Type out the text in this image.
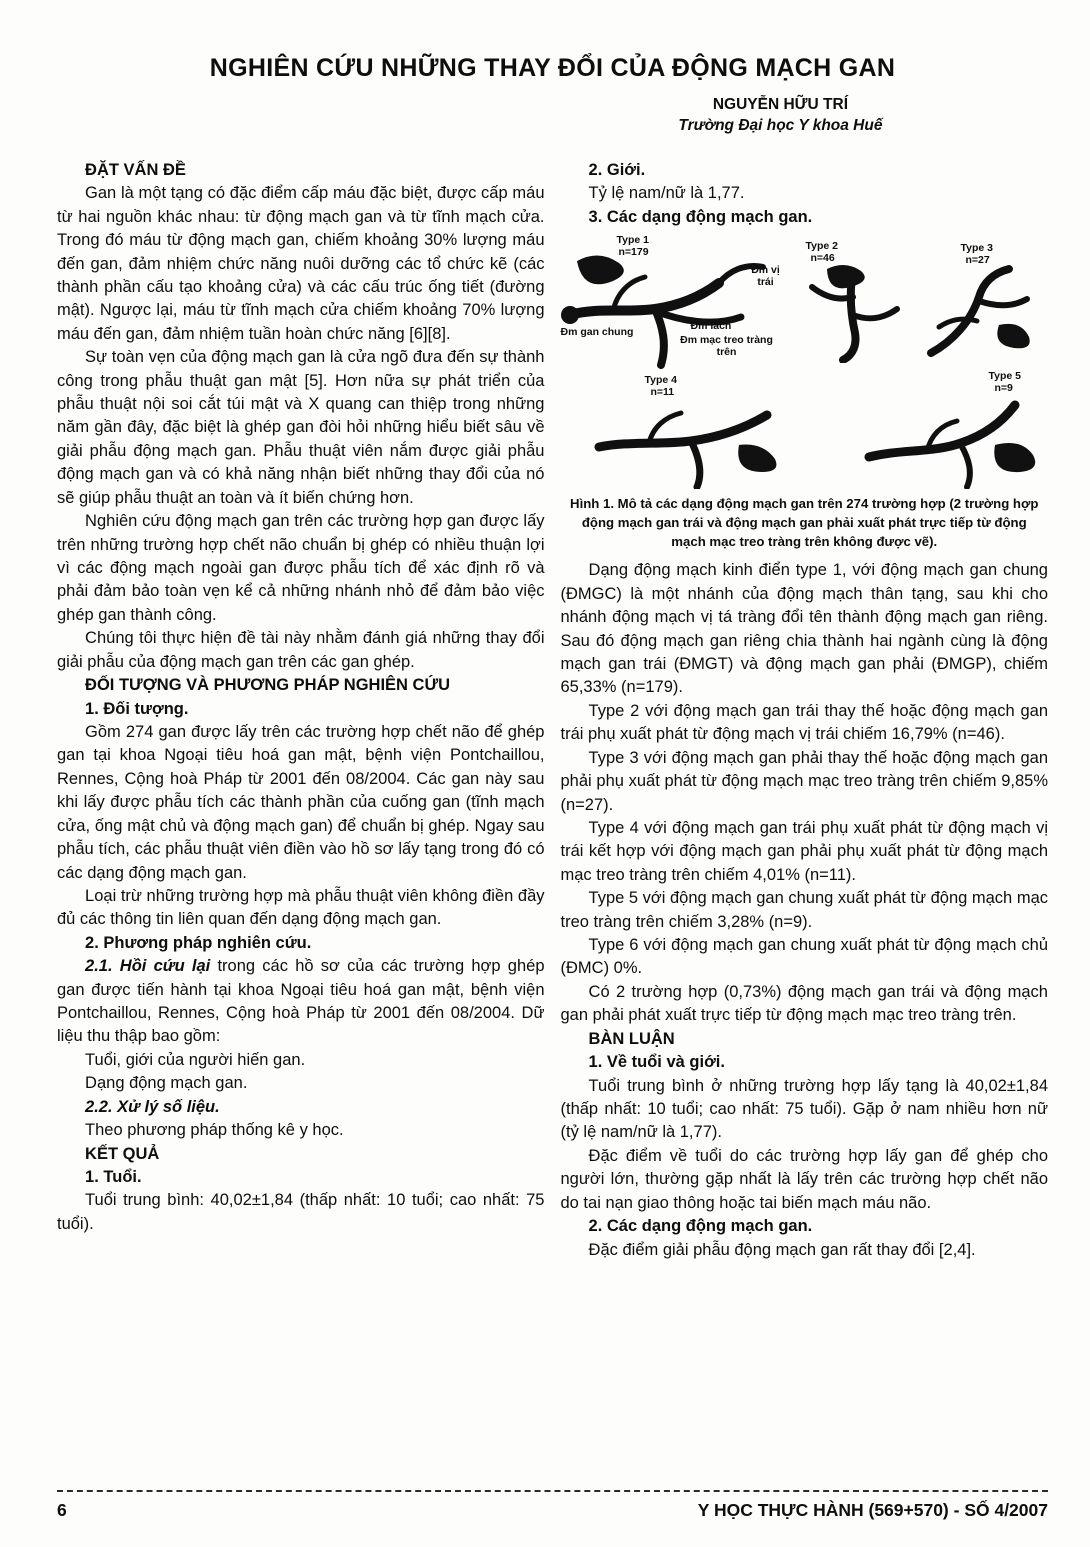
NGHIÊN CỨU NHỮNG THAY ĐỔI CỦA ĐỘNG MẠCH GAN
NGUYỄN HỮU TRÍ
Trường Đại học Y khoa Huế
ĐẶT VẤN ĐỀ

Gan là một tạng có đặc điểm cấp máu đặc biệt, được cấp máu từ hai nguồn khác nhau: từ động mạch gan và từ tĩnh mạch cửa. Trong đó máu từ động mạch gan, chiếm khoảng 30% lượng máu đến gan, đảm nhiệm chức năng nuôi dưỡng các tổ chức kẽ (các thành phần cấu tạo khoảng cửa) và các cấu trúc ống tiết (đường mật). Ngược lại, máu từ tĩnh mạch cửa chiếm khoảng 70% lượng máu đến gan, đảm nhiệm tuần hoàn chức năng [6][8].

Sự toàn vẹn của động mạch gan là cửa ngõ đưa đến sự thành công trong phẫu thuật gan mật [5]. Hơn nữa sự phát triển của phẫu thuật nội soi cắt túi mật và X quang can thiệp trong những năm gần đây, đặc biệt là ghép gan đòi hỏi những hiểu biết sâu về giải phẫu động mạch gan. Phẫu thuật viên nắm được giải phẫu động mạch gan và có khả năng nhận biết những thay đổi của nó sẽ giúp phẫu thuật an toàn và ít biến chứng hơn.

Nghiên cứu động mạch gan trên các trường hợp gan được lấy trên những trường hợp chết não chuẩn bị ghép có nhiều thuận lợi vì các động mạch ngoài gan được phẫu tích để xác định rõ và phải đảm bảo toàn vẹn kể cả những nhánh nhỏ để đảm bảo việc ghép gan thành công.

Chúng tôi thực hiện đề tài này nhằm đánh giá những thay đổi giải phẫu của động mạch gan trên các gan ghép.

ĐỐI TƯỢNG VÀ PHƯƠNG PHÁP NGHIÊN CỨU
1. Đối tượng.

Gồm 274 gan được lấy trên các trường hợp chết não để ghép gan tại khoa Ngoại tiêu hoá gan mật, bệnh viện Pontchaillou, Rennes, Cộng hoà Pháp từ 2001 đến 08/2004. Các gan này sau khi lấy được phẫu tích các thành phần của cuống gan (tĩnh mạch cửa, ống mật chủ và động mạch gan) để chuẩn bị ghép. Ngay sau phẫu tích, các phẫu thuật viên điền vào hồ sơ lấy tạng trong đó có các dạng động mạch gan.

Loại trừ những trường hợp mà phẫu thuật viên không điền đầy đủ các thông tin liên quan đến dạng động mạch gan.

2. Phương pháp nghiên cứu.

2.1. Hồi cứu lại trong các hồ sơ của các trường hợp ghép gan được tiến hành tại khoa Ngoại tiêu hoá gan mật, bệnh viện Pontchaillou, Rennes, Cộng hoà Pháp từ 2001 đến 08/2004. Dữ liệu thu thập bao gồm:

Tuổi, giới của người hiến gan.

Dạng động mạch gan.

2.2. Xử lý số liệu.

Theo phương pháp thống kê y học.

KẾT QUẢ
1. Tuổi.

Tuổi trung bình: 40,02±1,84 (thấp nhất: 10 tuổi; cao nhất: 75 tuổi).

2. Giới.

Tỷ lệ nam/nữ là 1,77.

3. Các dạng động mạch gan.
Type 1
n=179
Đm vị trái
Type 2
n=46
Type 3
n=27
Đm gan chung	Đm lách
Đm mạc treo tràng trên
Type 4
n=11
Type 5
n=9
Hình 1. Mô tả các dạng động mạch gan trên 274 trường hợp (2 trường hợp động mạch gan trái và động mạch gan phải xuất phát trực tiếp từ động mạch mạc treo tràng trên không được vẽ).

Dạng động mạch kinh điển type 1, với động mạch gan chung (ĐMGC) là một nhánh của động mạch thân tạng, sau khi cho nhánh động mạch vị tá tràng đổi tên thành động mạch gan riêng. Sau đó động mạch gan riêng chia thành hai ngành cùng là động mạch gan trái (ĐMGT) và động mạch gan phải (ĐMGP), chiếm 65,33% (n=179).

Type 2 với động mạch gan trái thay thế hoặc động mạch gan trái phụ xuất phát từ động mạch vị trái chiếm 16,79% (n=46).

Type 3 với động mạch gan phải thay thế hoặc động mạch gan phải phụ xuất phát từ động mạch mạc treo tràng trên chiếm 9,85% (n=27).

Type 4 với động mạch gan trái phụ xuất phát từ động mạch vị trái kết hợp với động mạch gan phải phụ xuất phát từ động mạch mạc treo tràng trên chiếm 4,01% (n=11).

Type 5 với động mạch gan chung xuất phát từ động mạch mạc treo tràng trên chiếm 3,28% (n=9).

Type 6 với động mạch gan chung xuất phát từ động mạch chủ (ĐMC) 0%.

Có 2 trường hợp (0,73%) động mạch gan trái và động mạch gan phải phát xuất trực tiếp từ động mạch mạc treo tràng trên.

BÀN LUẬN
1. Về tuổi và giới.

Tuổi trung bình ở những trường hợp lấy tạng là 40,02±1,84 (thấp nhất: 10 tuổi; cao nhất: 75 tuổi). Gặp ở nam nhiều hơn nữ (tỷ lệ nam/nữ là 1,77).

Đặc điểm về tuổi do các trường hợp lấy gan để ghép cho người lớn, thường gặp nhất là lấy trên các trường hợp chết não do tai nạn giao thông hoặc tai biến mạch máu não.

2. Các dạng động mạch gan.

Đặc điểm giải phẫu động mạch gan rất thay đổi [2,4].

6	Y HỌC THỰC HÀNH (569+570) - SỐ 4/2007
